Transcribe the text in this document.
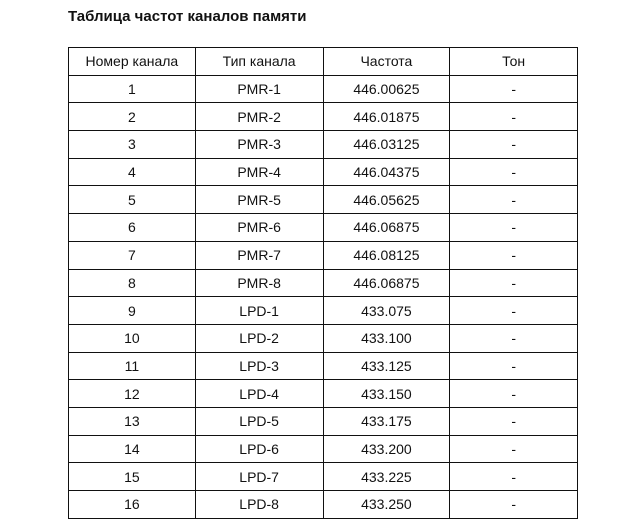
Таблица частот каналов памяти
Номер канала	Тип канала	Частота	Тон
1	PMR-1	446.00625	-
2	PMR-2	446.01875	-
3	PMR-3	446.03125	-
4	PMR-4	446.04375	-
5	PMR-5	446.05625	-
6	PMR-6	446.06875	-
7	PMR-7	446.08125	-
8	PMR-8	446.06875	-
9	LPD-1	433.075	-
10	LPD-2	433.100	-
11	LPD-3	433.125	-
12	LPD-4	433.150	-
13	LPD-5	433.175	-
14	LPD-6	433.200	-
15	LPD-7	433.225	-
16	LPD-8	433.250	-
